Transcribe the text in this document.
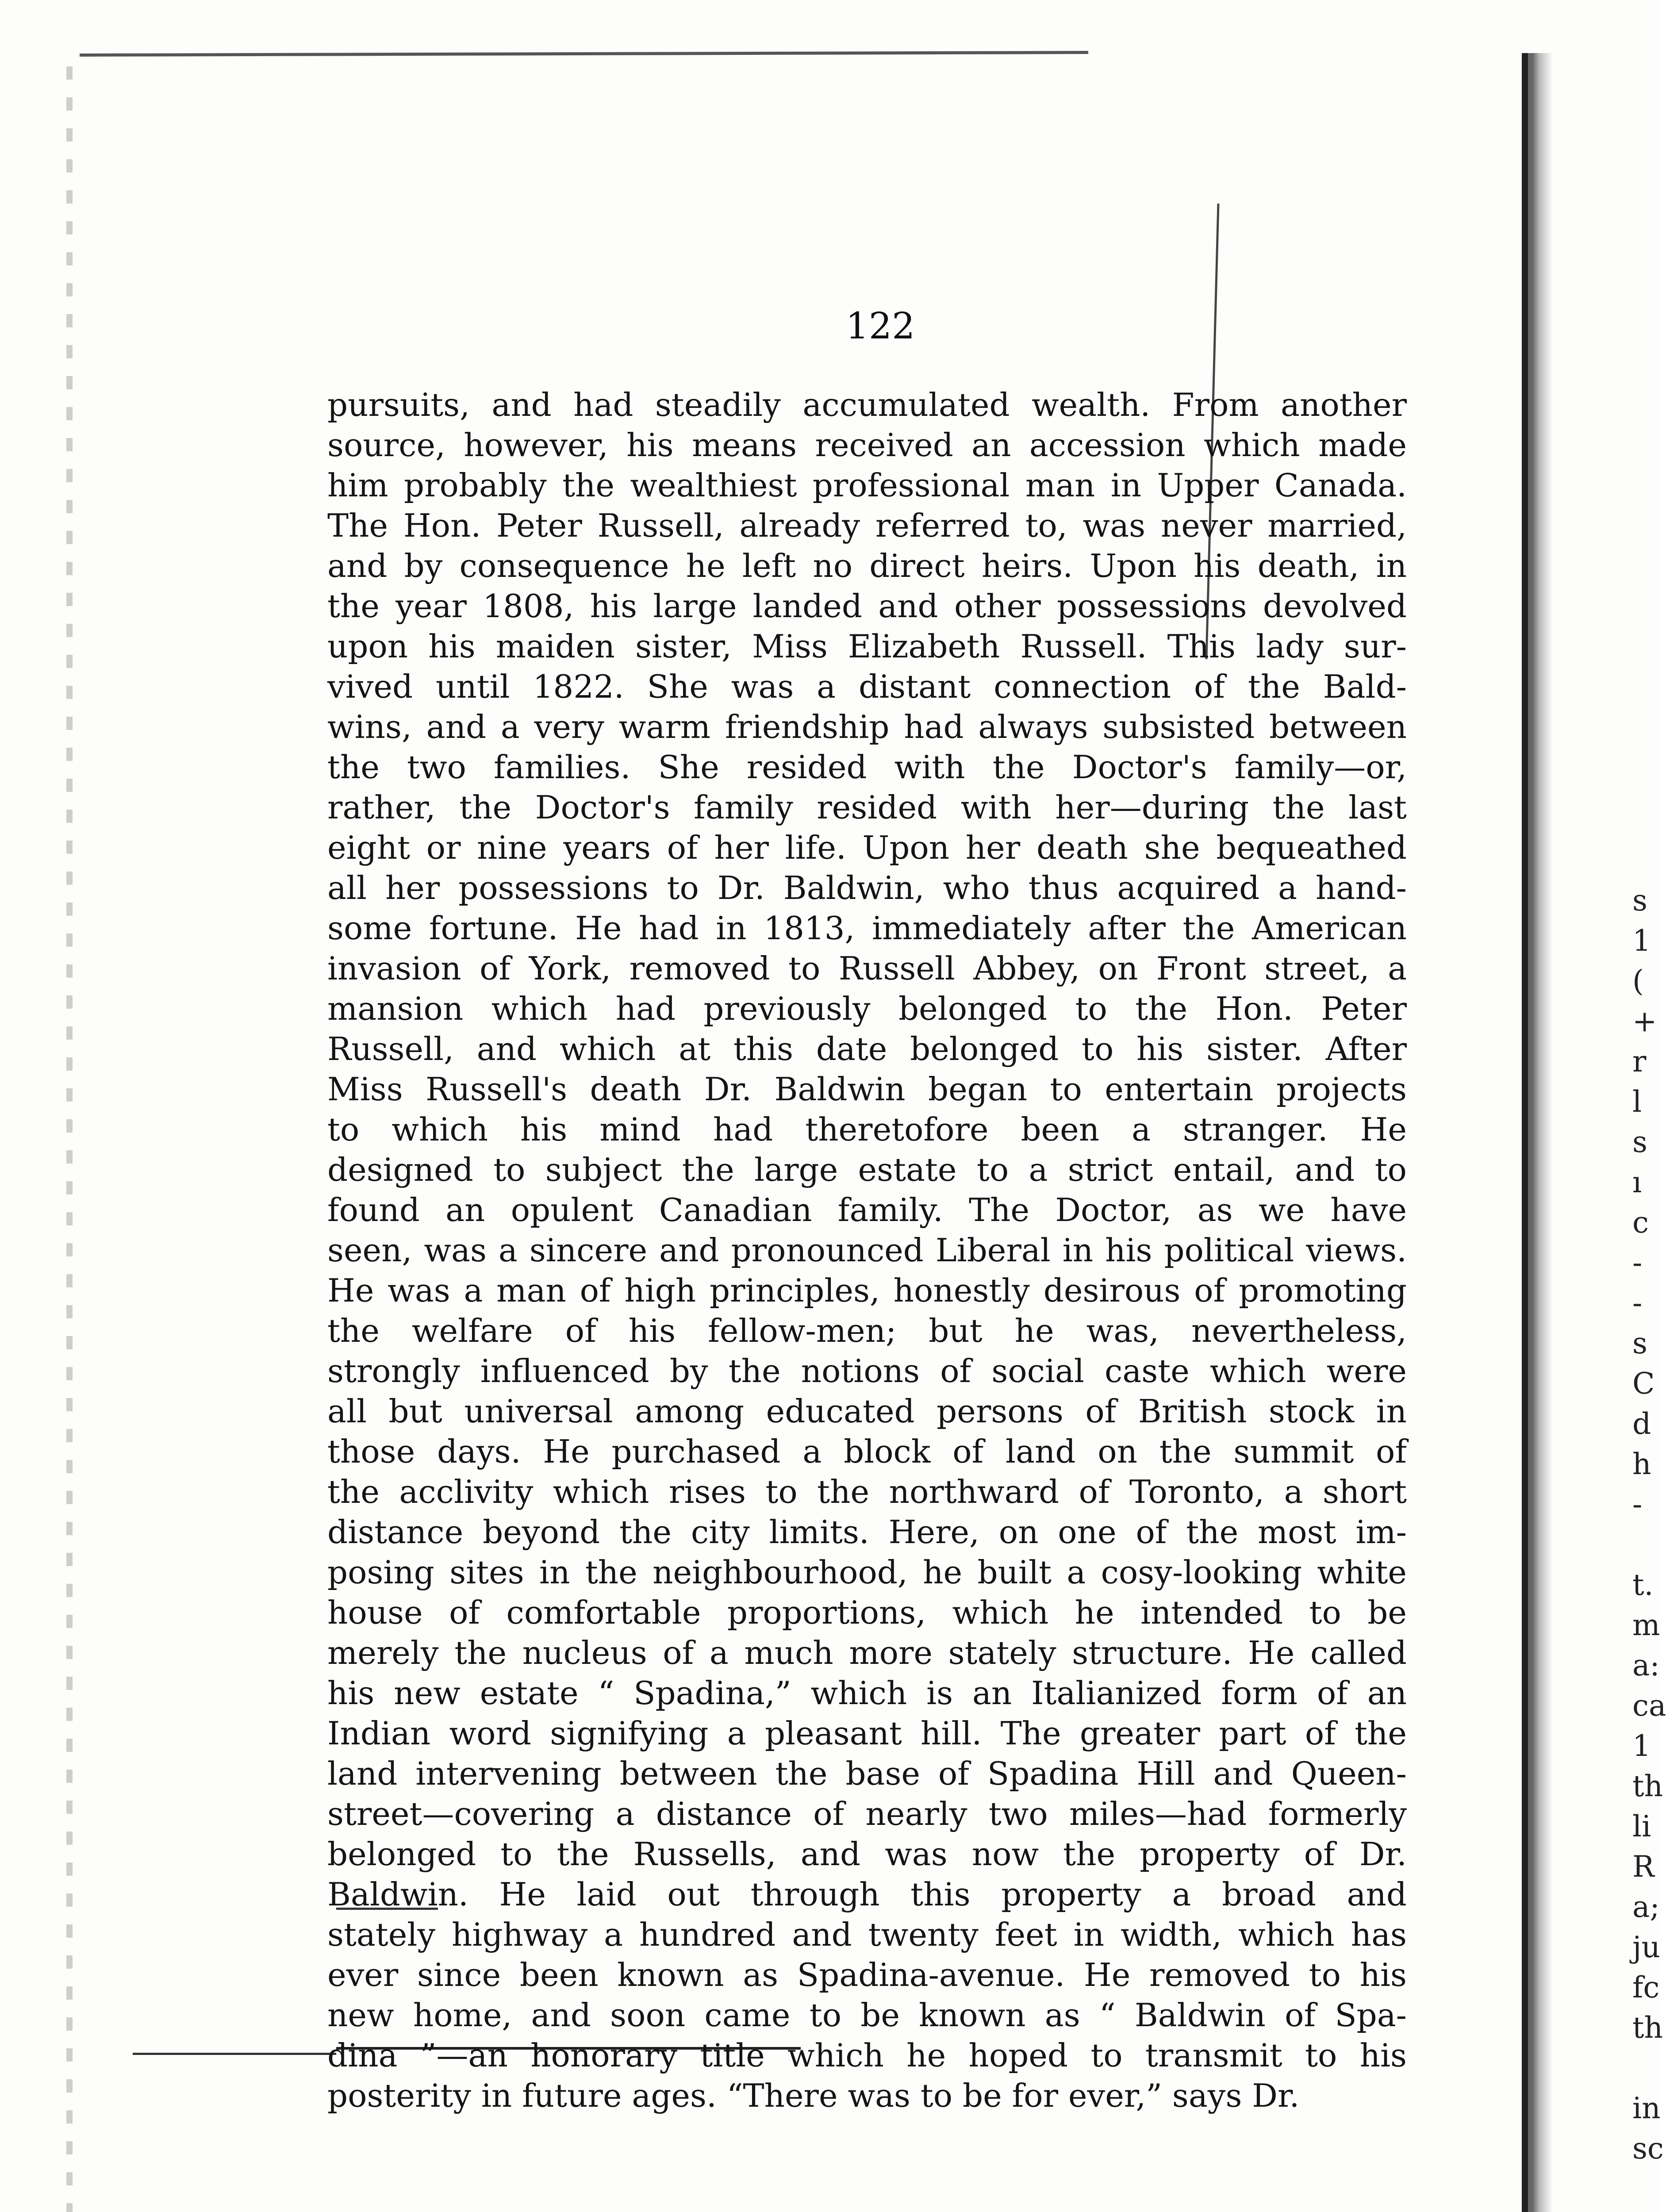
122
pursuits, and had steadily accumulated wealth. From another
source, however, his means received an accession which made
him probably the wealthiest professional man in Upper Canada.
The Hon. Peter Russell, already referred to, was never married,
and by consequence he left no direct heirs. Upon his death, in
the year 1808, his large landed and other possessions devolved
upon his maiden sister, Miss Elizabeth Russell. This lady sur-
vived until 1822. She was a distant connection of the Bald-
wins, and a very warm friendship had always subsisted between
the two families. She resided with the Doctor's family—or,
rather, the Doctor's family resided with her—during the last
eight or nine years of her life. Upon her death she bequeathed
all her possessions to Dr. Baldwin, who thus acquired a hand-
some fortune. He had in 1813, immediately after the American
invasion of York, removed to Russell Abbey, on Front street, a
mansion which had previously belonged to the Hon. Peter
Russell, and which at this date belonged to his sister. After
Miss Russell's death Dr. Baldwin began to entertain projects
to which his mind had theretofore been a stranger. He
designed to subject the large estate to a strict entail, and to
found an opulent Canadian family. The Doctor, as we have
seen, was a sincere and pronounced Liberal in his political views.
He was a man of high principles, honestly desirous of promoting
the welfare of his fellow-men; but he was, nevertheless,
strongly influenced by the notions of social caste which were
all but universal among educated persons of British stock in
those days. He purchased a block of land on the summit of
the acclivity which rises to the northward of Toronto, a short
distance beyond the city limits. Here, on one of the most im-
posing sites in the neighbourhood, he built a cosy-looking white
house of comfortable proportions, which he intended to be
merely the nucleus of a much more stately structure. He called
his new estate “ Spadina,” which is an Italianized form of an
Indian word signifying a pleasant hill. The greater part of the
land intervening between the base of Spadina Hill and Queen-
street—covering a distance of nearly two miles—had formerly
belonged to the Russells, and was now the property of Dr.
Baldwin. He laid out through this property a broad and
stately highway a hundred and twenty feet in width, which has
ever since been known as Spadina-avenue. He removed to his
new home, and soon came to be known as “ Baldwin of Spa-
dina ”—an honorary title which he hoped to transmit to his
posterity in future ages. “There was to be for ever,” says Dr.
s
1
(
+
r
l
s
ı
c
-
-
s
C
d
h
-
t.
m
a:
ca
1
th
li
R
a;
ju
fc
th
in
sc
